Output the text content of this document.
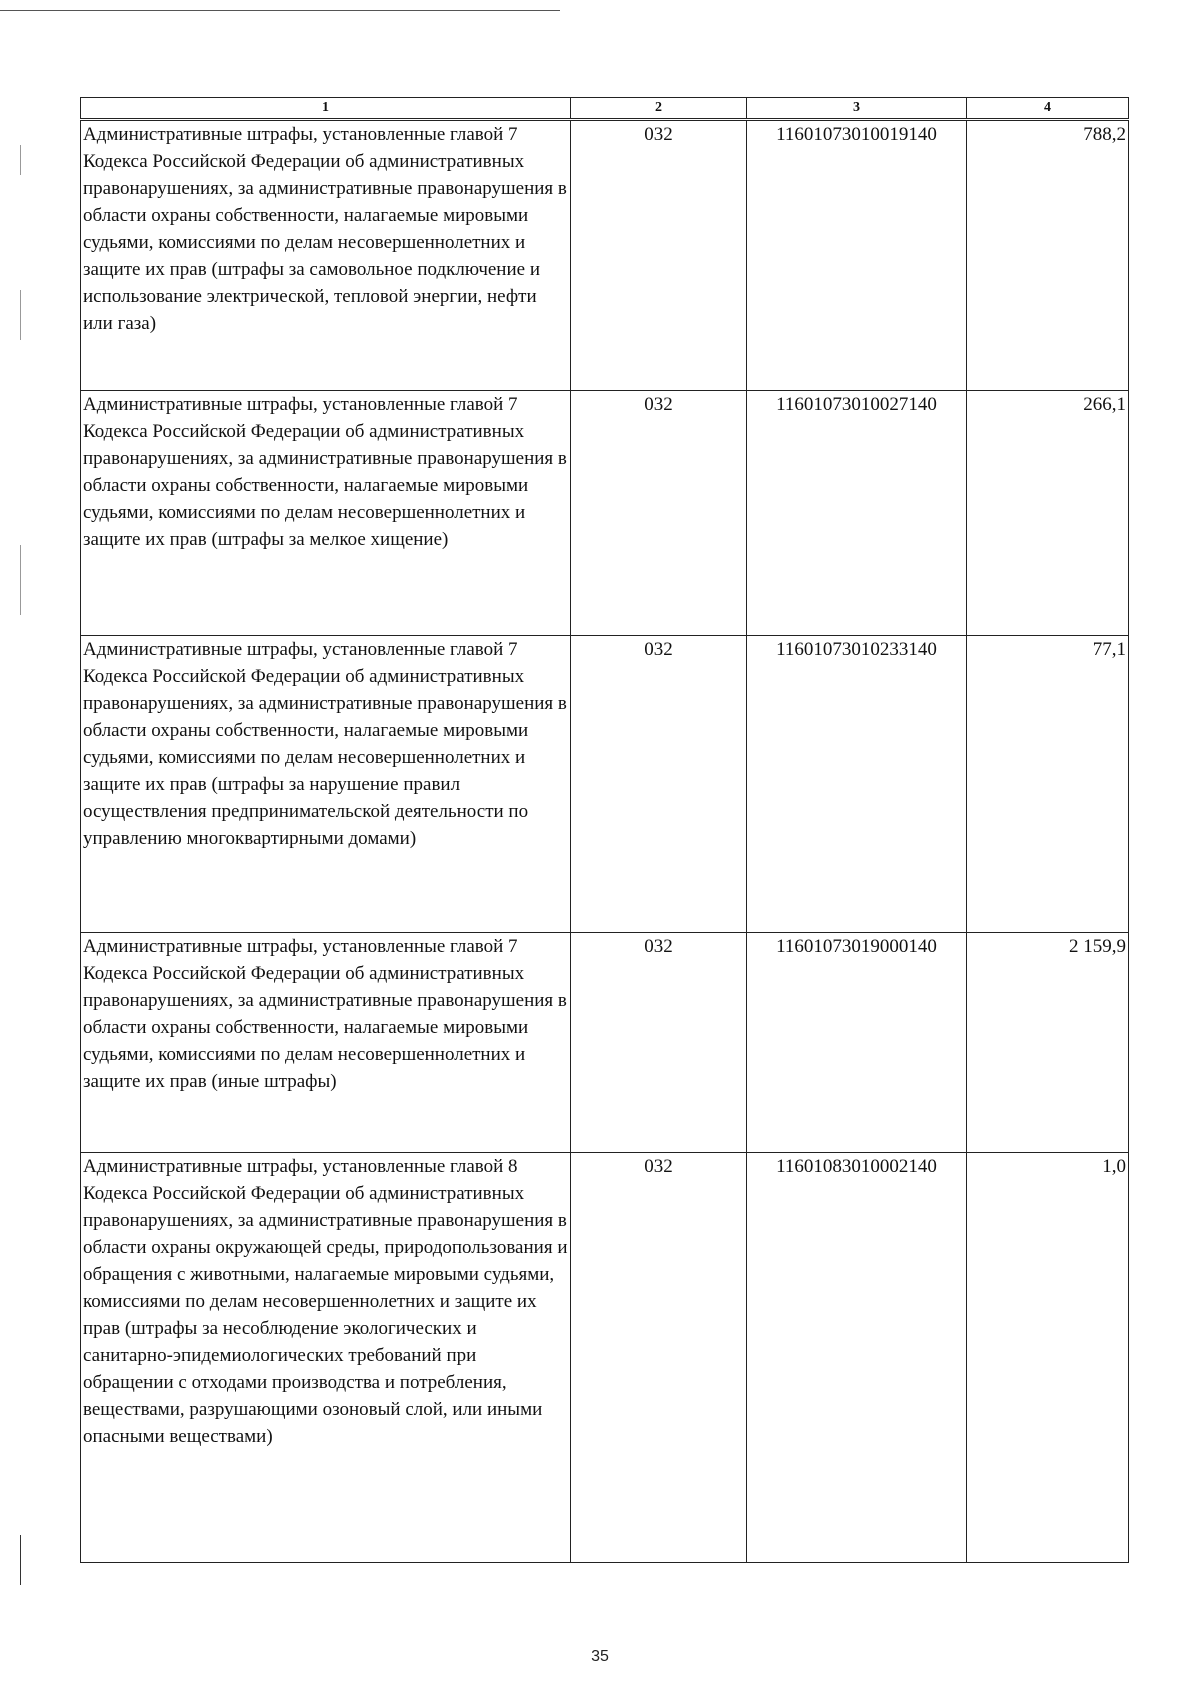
1	2	3	4
Административные штрафы, установленные главой 7 Кодекса Российской Федерации об административных правонарушениях, за административные правонарушения в области охраны собственности, налагаемые мировыми судьями, комиссиями по делам несовершеннолетних и защите их прав (штрафы за самовольное подключение и использование электрической, тепловой энергии, нефти или газа)	032	11601073010019140	788,2
Административные штрафы, установленные главой 7 Кодекса Российской Федерации об административных правонарушениях, за административные правонарушения в области охраны собственности, налагаемые мировыми судьями, комиссиями по делам несовершеннолетних и защите их прав (штрафы за мелкое хищение)	032	11601073010027140	266,1
Административные штрафы, установленные главой 7 Кодекса Российской Федерации об административных правонарушениях, за административные правонарушения в области охраны собственности, налагаемые мировыми судьями, комиссиями по делам несовершеннолетних и защите их прав (штрафы за нарушение правил осуществления предпринимательской деятельности по управлению многоквартирными домами)	032	11601073010233140	77,1
Административные штрафы, установленные главой 7 Кодекса Российской Федерации об административных правонарушениях, за административные правонарушения в области охраны собственности, налагаемые мировыми судьями, комиссиями по делам несовершеннолетних и защите их прав (иные штрафы)	032	11601073019000140	2 159,9
Административные штрафы, установленные главой 8 Кодекса Российской Федерации об административных правонарушениях, за административные правонарушения в области охраны окружающей среды, природопользования и обращения с животными, налагаемые мировыми судьями, комиссиями по делам несовершеннолетних и защите их прав (штрафы за несоблюдение экологических и санитарно-эпидемиологических требований при обращении с отходами производства и потребления, веществами, разрушающими озоновый слой, или иными опасными веществами)	032	11601083010002140	1,0
35
